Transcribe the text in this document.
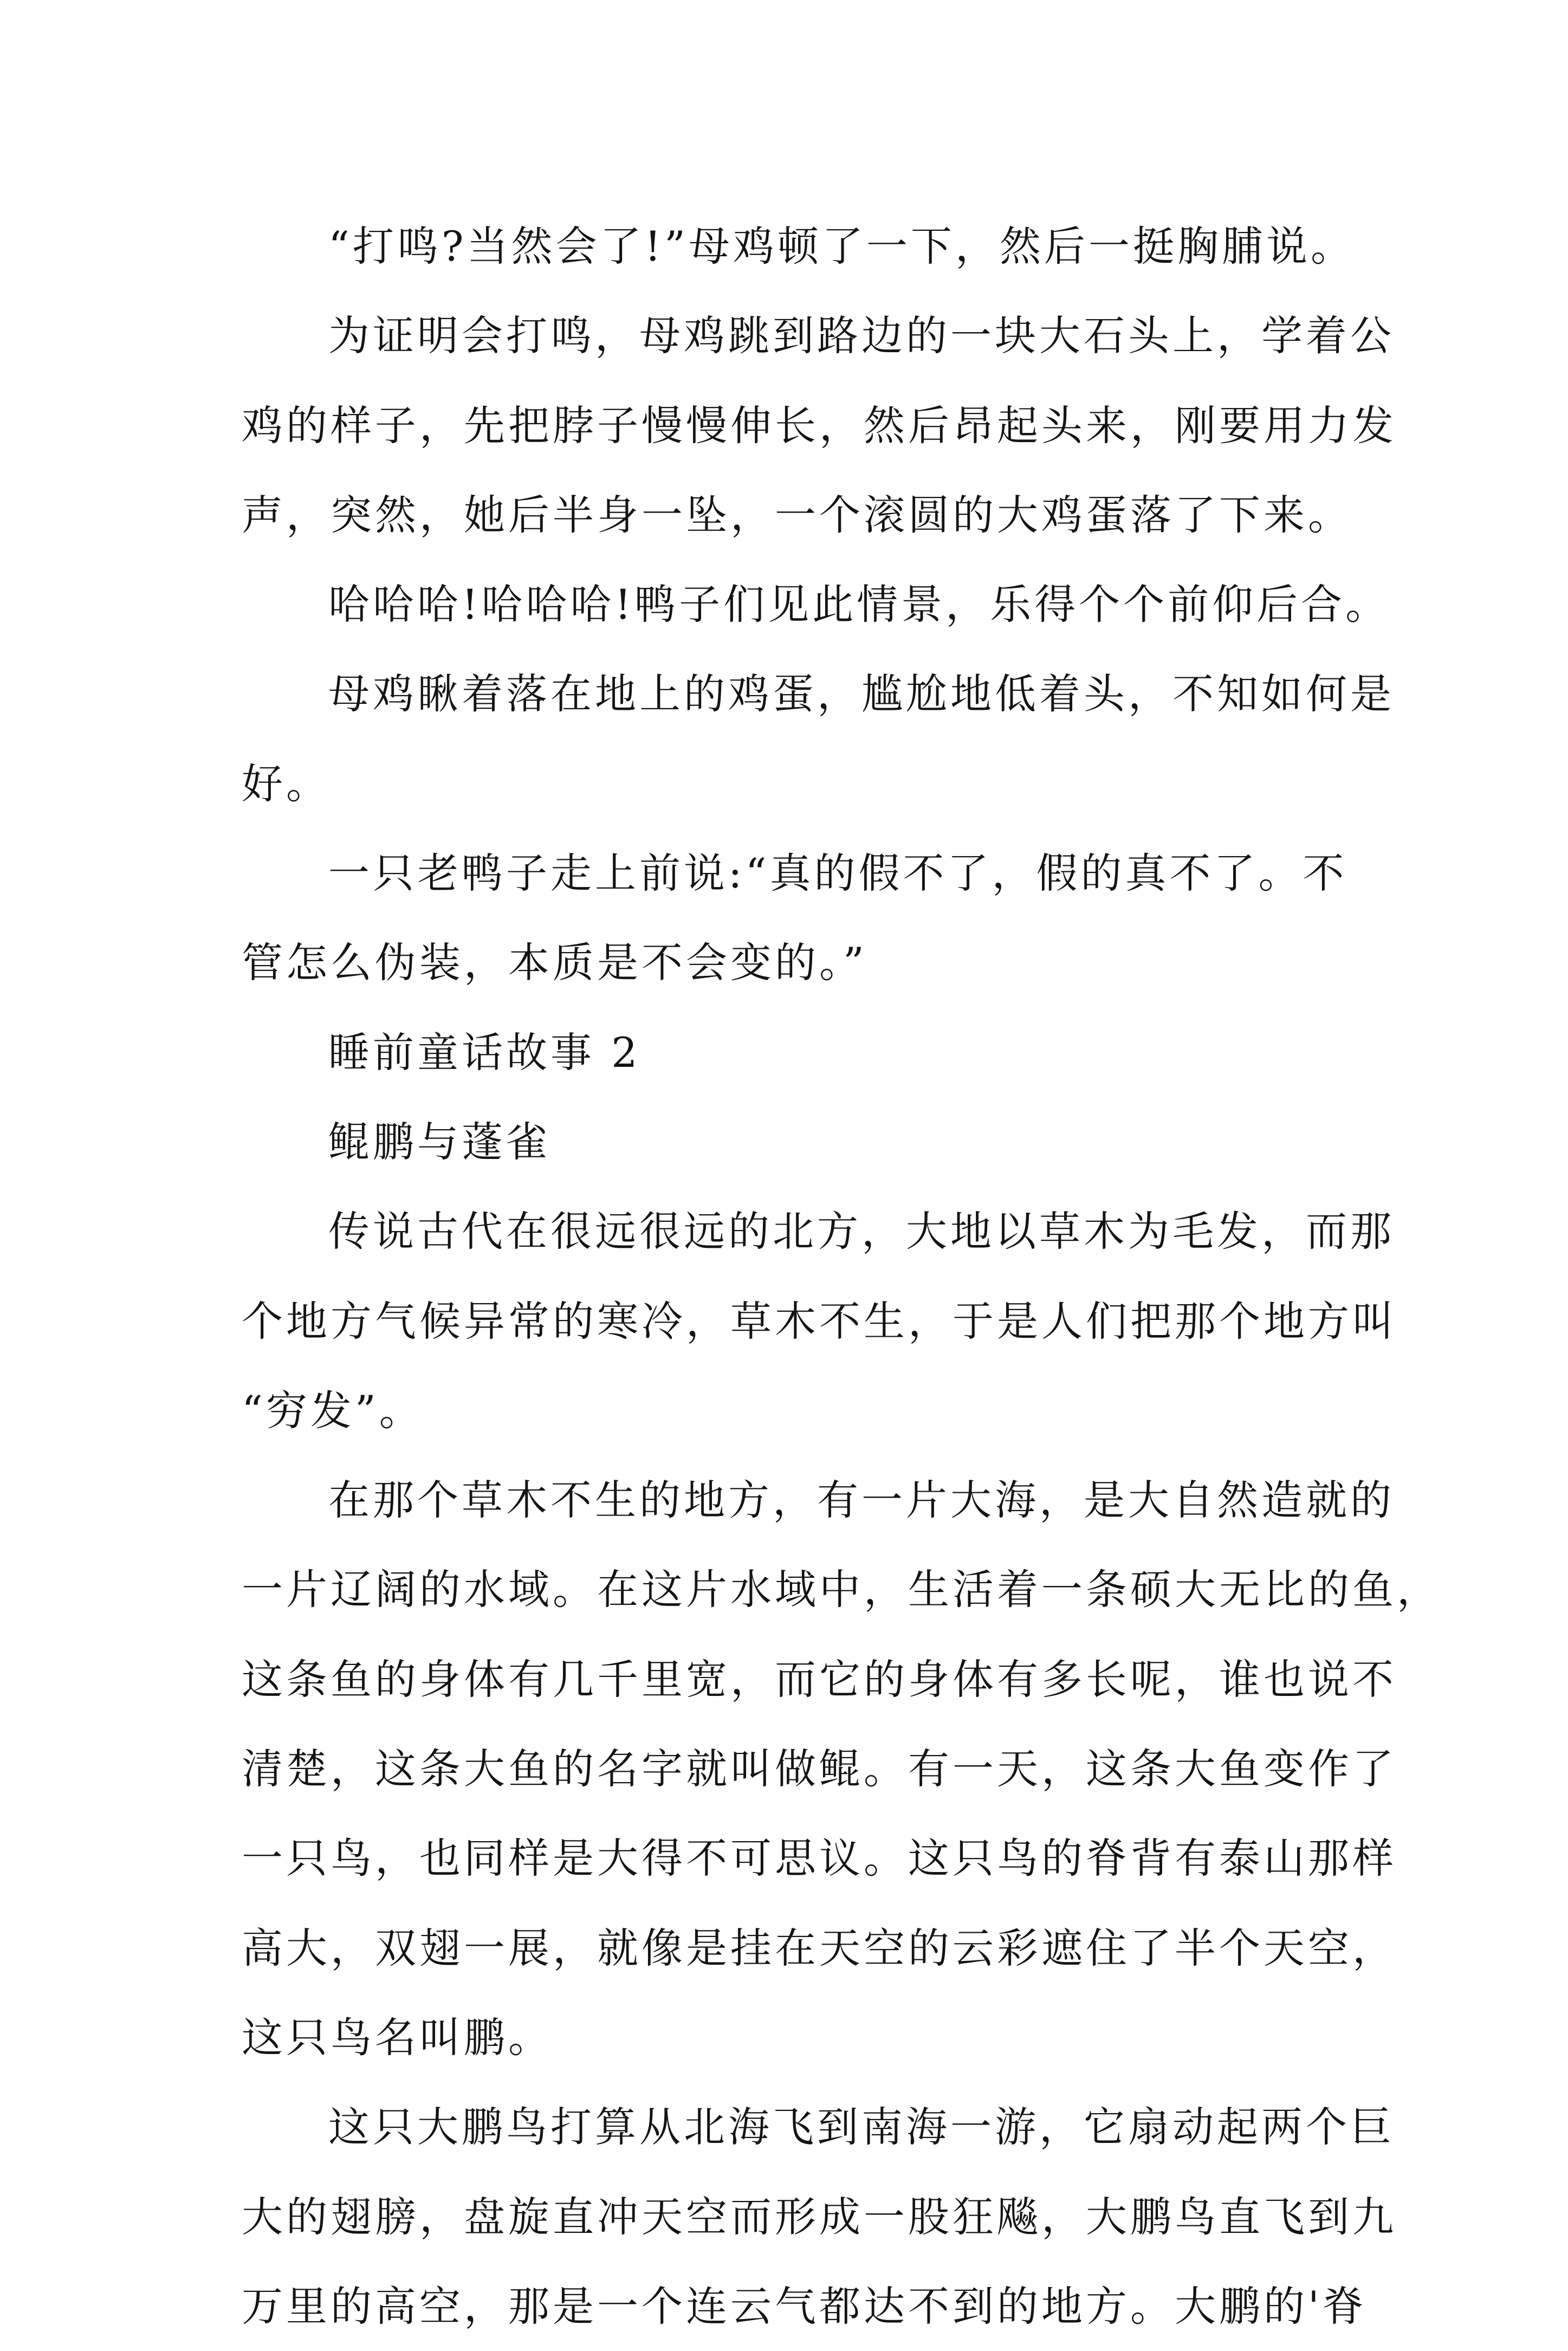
“打鸣?当然会了!”母鸡顿了一下，然后一挺胸脯说。
为证明会打鸣，母鸡跳到路边的一块大石头上，学着公
鸡的样子，先把脖子慢慢伸长，然后昂起头来，刚要用力发
声，突然，她后半身一坠，一个滚圆的大鸡蛋落了下来。
哈哈哈!哈哈哈!鸭子们见此情景，乐得个个前仰后合。
母鸡瞅着落在地上的鸡蛋，尴尬地低着头，不知如何是
好。
一只老鸭子走上前说:“真的假不了，假的真不了。不
管怎么伪装，本质是不会变的。”
睡前童话故事 2
鲲鹏与蓬雀
传说古代在很远很远的北方，大地以草木为毛发，而那
个地方气候异常的寒冷，草木不生，于是人们把那个地方叫
“穷发”。
在那个草木不生的地方，有一片大海，是大自然造就的
一片辽阔的水域。在这片水域中，生活着一条硕大无比的鱼，
这条鱼的身体有几千里宽，而它的身体有多长呢，谁也说不
清楚，这条大鱼的名字就叫做鲲。有一天，这条大鱼变作了
一只鸟，也同样是大得不可思议。这只鸟的脊背有泰山那样
高大，双翅一展，就像是挂在天空的云彩遮住了半个天空，
这只鸟名叫鹏。
这只大鹏鸟打算从北海飞到南海一游，它扇动起两个巨
大的翅膀，盘旋直冲天空而形成一股狂飚，大鹏鸟直飞到九
万里的高空，那是一个连云气都达不到的地方。大鹏的'脊
